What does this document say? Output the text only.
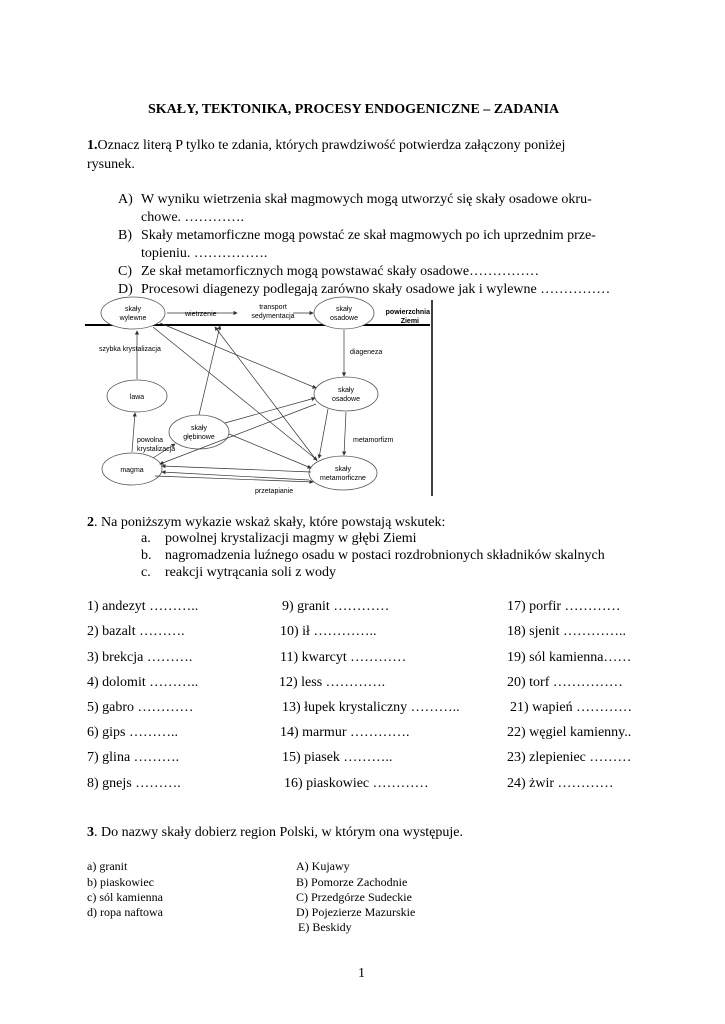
SKAŁY, TEKTONIKA, PROCESY ENDOGENICZNE – ZADANIA
1.Oznacz literą P tylko te zdania, których prawdziwość potwierdza załączony poniżej
rysunek.
A) W wyniku wietrzenia skał magmowych mogą utworzyć się skały osadowe okru-
chowe. ………….
B) Skały metamorficzne mogą powstać ze skał magmowych po ich uprzednim prze-
topieniu. …………….
C) Ze skał metamorficznych mogą powstawać skały osadowe……………
D) Procesowi diagenezy podlegają zarówno skały osadowe jak i wylewne ……………
skały
wylewne
skały
osadowe
lawa
skały
osadowe
skały
głębinowe
magma	skały
metamorficzne
powierzchnia
Ziemi
wietrzenie
transport
sedymentacja
diageneza
szybka krystalizacja
powolna
krystalizacja
metamorfizm
przetapianie
2. Na poniższym wykazie wskaż skały, które powstają wskutek:
a. powolnej krystalizacji magmy w głębi Ziemi
b. nagromadzenia luźnego osadu w postaci rozdrobnionych składników skalnych
c. reakcji wytrącania soli z wody
1) andezyt ………..
2) bazalt ……….
3) brekcja ……….
4) dolomit ………..
5) gabro …………
6) gips ………..
7) glina ……….
8) gnejs ……….
9) granit …………
10) ił …………..
11) kwarcyt …………
12) less ………….
13) łupek krystaliczny ………..
14) marmur ………….
15) piasek ………..
16) piaskowiec …………
17) porfir …………
18) sjenit …………..
19) sól kamienna……
20) torf ……………
21) wapień …………
22) węgiel kamienny..
23) zlepieniec ………
24) żwir …………
3. Do nazwy skały dobierz region Polski, w którym ona występuje.
a) granit
b) piaskowiec
c) sól kamienna
d) ropa naftowa
A) Kujawy
B) Pomorze Zachodnie
C) Przedgórze Sudeckie
D) Pojezierze Mazurskie
E) Beskidy
1
